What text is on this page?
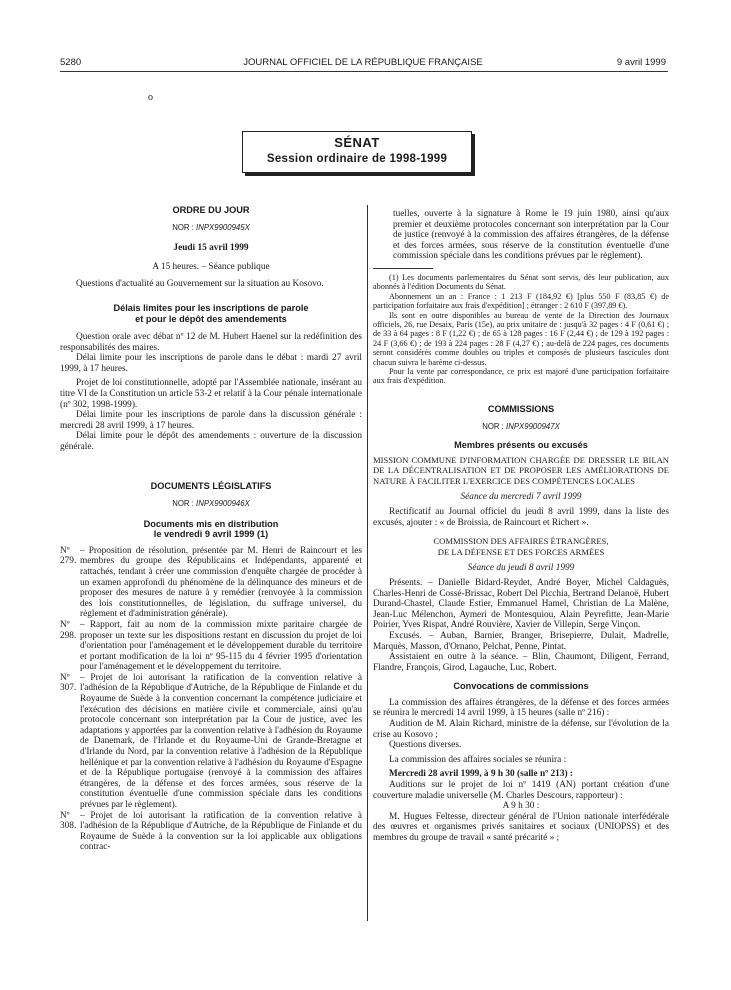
5280	JOURNAL OFFICIEL DE LA RÉPUBLIQUE FRANÇAISE	9 avril 1999
o
SÉNAT
Session ordinaire de 1998-1999
ORDRE DU JOUR
NOR : INPX9900945X
Jeudi 15 avril 1999
A 15 heures. – Séance publique

Questions d'actualité au Gouvernement sur la situation au Kosovo.

Délais limites pour les inscriptions de parole
et pour le dépôt des amendements

Question orale avec débat nº 12 de M. Hubert Haenel sur la redéfinition des responsabilités des maires.

Délai limite pour les inscriptions de parole dans le débat : mardi 27 avril 1999, à 17 heures.

Projet de loi constitutionnelle, adopté par l'Assemblée nationale, insérant au titre VI de la Constitution un article 53-2 et relatif à la Cour pénale internationale (nº 302, 1998-1999).

Délai limite pour les inscriptions de parole dans la discussion générale : mercredi 28 avril 1999, à 17 heures.

Délai limite pour le dépôt des amendements : ouverture de la discussion générale.

DOCUMENTS LÉGISLATIFS
NOR : INPX9900946X
Documents mis en distribution
le vendredi 9 avril 1999 (1)
Nº 279.
– Proposition de résolution, présentée par M. Henri de Raincourt et les membres du groupe des Républicains et Indépendants, apparenté et rattachés, tendant à créer une commission d'enquête chargée de procéder à un examen approfondi du phénomène de la délinquance des mineurs et de proposer des mesures de nature à y remédier (renvoyée à la commission des lois constitutionnelles, de législation, du suffrage universel, du règlement et d'administration générale).
Nº 298.
– Rapport, fait au nom de la commission mixte paritaire chargée de proposer un texte sur les dispositions restant en discussion du projet de loi d'orientation pour l'aménagement et le développement durable du territoire et portant modification de la loi nº 95-115 du 4 février 1995 d'orientation pour l'aménagement et le développement du territoire.
Nº 307.
– Projet de loi autorisant la ratification de la convention relative à l'adhésion de la République d'Autriche, de la République de Finlande et du Royaume de Suède à la convention concernant la compétence judiciaire et l'exécution des décisions en matière civile et commerciale, ainsi qu'au protocole concernant son interprétation par la Cour de justice, avec les adaptations y apportées par la convention relative à l'adhésion du Royaume de Danemark, de l'Irlande et du Royaume-Uni de Grande-Bretagne et d'Irlande du Nord, par la convention relative à l'adhésion de la République hellénique et par la convention relative à l'adhésion du Royaume d'Espagne et de la République portugaise (renvoyé à la commission des affaires étrangères, de la défense et des forces armées, sous réserve de la constitution éventuelle d'une commission spéciale dans les conditions prévues par le règlement).
Nº 308.
– Projet de loi autorisant la ratification de la convention relative à l'adhésion de la République d'Autriche, de la République de Finlande et du Royaume de Suède à la convention sur la loi applicable aux obligations contrac-

tuelles, ouverte à la signature à Rome le 19 juin 1980, ainsi qu'aux premier et deuxième protocoles concernant son interprétation par la Cour de justice (renvoyé à la commission des affaires étrangères, de la défense et des forces armées, sous réserve de la constitution éventuelle d'une commission spéciale dans les conditions prévues par le règlement).

(1) Les documents parlementaires du Sénat sont servis, dès leur publication, aux abonnés à l'édition Documents du Sénat.

Abonnement un an : France : 1 213 F (184,92 €) [plus 550 F (83,85 €) de participation forfaitaire aux frais d'expédition] ; étranger : 2 610 F (397,89 €).

Ils sont en outre disponibles au bureau de vente de la Direction des Journaux officiels, 26, rue Desaix, Paris (15e), au prix unitaire de : jusqu'à 32 pages : 4 F (0,61 €) ; de 33 à 64 pages : 8 F (1,22 €) ; de 65 à 128 pages : 16 F (2,44 €) ; de 129 à 192 pages : 24 F (3,66 €) ; de 193 à 224 pages : 28 F (4,27 €) ; au-delà de 224 pages, ces documents seront considérés comme doubles ou triples et composés de plusieurs fascicules dont chacun suivra le barème ci-dessus.

Pour la vente par correspondance, ce prix est majoré d'une participation forfaitaire aux frais d'expédition.

COMMISSIONS
NOR : INPX9900947X
Membres présents ou excusés

MISSION COMMUNE D'INFORMATION CHARGÉE DE DRESSER LE BILAN DE LA DÉCENTRALISATION ET DE PROPOSER LES AMÉLIORATIONS DE NATURE À FACILITER L'EXERCICE DES COMPÉTENCES LOCALES

Séance du mercredi 7 avril 1999

Rectificatif au Journal officiel du jeudi 8 avril 1999, dans la liste des excusés, ajouter : « de Broissia, de Raincourt et Richert ».

COMMISSION DES AFFAIRES ÉTRANGÈRES,
DE LA DÉFENSE ET DES FORCES ARMÉES
Séance du jeudi 8 avril 1999

Présents. – Danielle Bidard-Reydet, André Boyer, Michel Caldaguès, Charles-Henri de Cossé-Brissac, Robert Del Picchia, Bertrand Delanoë, Hubert Durand-Chastel, Claude Estier, Emmanuel Hamel, Christian de La Malène, Jean-Luc Mélenchon, Aymeri de Montesquiou, Alain Peyrefitte, Jean-Marie Poirier, Yves Rispat, André Rouvière, Xavier de Villepin, Serge Vinçon.

Excusés. – Auban, Barnier, Branger, Brisepierre, Dulait, Madrelle, Marquès, Masson, d'Ornano, Pelchat, Penne, Pintat.

Assistaient en outre à la séance. – Blin, Chaumont, Diligent, Ferrand, Flandre, François, Girod, Lagauche, Luc, Robert.

Convocations de commissions

La commission des affaires étrangères, de la défense et des forces armées se réunira le mercredi 14 avril 1999, à 15 heures (salle nº 216) :

Audition de M. Alain Richard, ministre de la défense, sur l'évolution de la crise au Kosovo ;

Questions diverses.

La commission des affaires sociales se réunira :

Mercredi 28 avril 1999, à 9 h 30 (salle nº 213) :

Auditions sur le projet de loi nº 1419 (AN) portant création d'une couverture maladie universelle (M. Charles Descours, rapporteur) :

A 9 h 30 :

M. Hugues Feltesse, directeur général de l'Union nationale interfédérale des œuvres et organismes privés sanitaires et sociaux (UNIOPSS) et des membres du groupe de travail « santé précarité » ;
